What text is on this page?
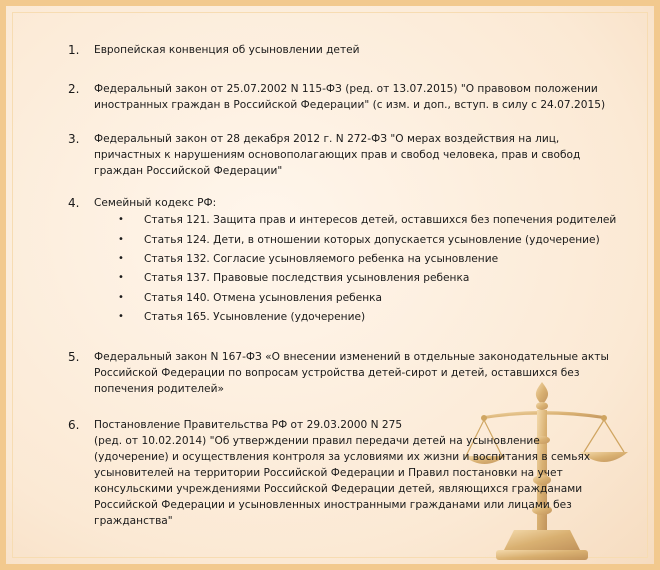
1.	Европейская конвенция об усыновлении детей
2.	Федеральный закон от 25.07.2002 N 115-ФЗ (ред. от 13.07.2015) "О правовом положении
иностранных граждан в Российской Федерации" (с изм. и доп., вступ. в силу с 24.07.2015)
3.	Федеральный закон от 28 декабря 2012 г. N 272-ФЗ "О мерах воздействия на лиц,
причастных к нарушениям основополагающих прав и свобод человека, прав и свобод
граждан Российской Федерации"
4.	Семейный кодекс РФ:
• Статья 121. Защита прав и интересов детей, оставшихся без попечения родителей
• Статья 124. Дети, в отношении которых допускается усыновление (удочерение)
• Статья 132. Согласие усыновляемого ребенка на усыновление
• Статья 137. Правовые последствия усыновления ребенка
• Статья 140. Отмена усыновления ребенка
• Статья 165. Усыновление (удочерение)
5.	Федеральный закон N 167-ФЗ «О внесении изменений в отдельные законодательные акты
Российской Федерации по вопросам устройства детей-сирот и детей, оставшихся без
попечения родителей»
6.	Постановление Правительства РФ от 29.03.2000 N 275
(ред. от 10.02.2014) "Об утверждении правил передачи детей на усыновление
(удочерение) и осуществления контроля за условиями их жизни и воспитания в семьях
усыновителей на территории Российской Федерации и Правил постановки на учет
консульскими учреждениями Российской Федерации детей, являющихся гражданами
Российской Федерации и усыновленных иностранными гражданами или лицами без
гражданства"
